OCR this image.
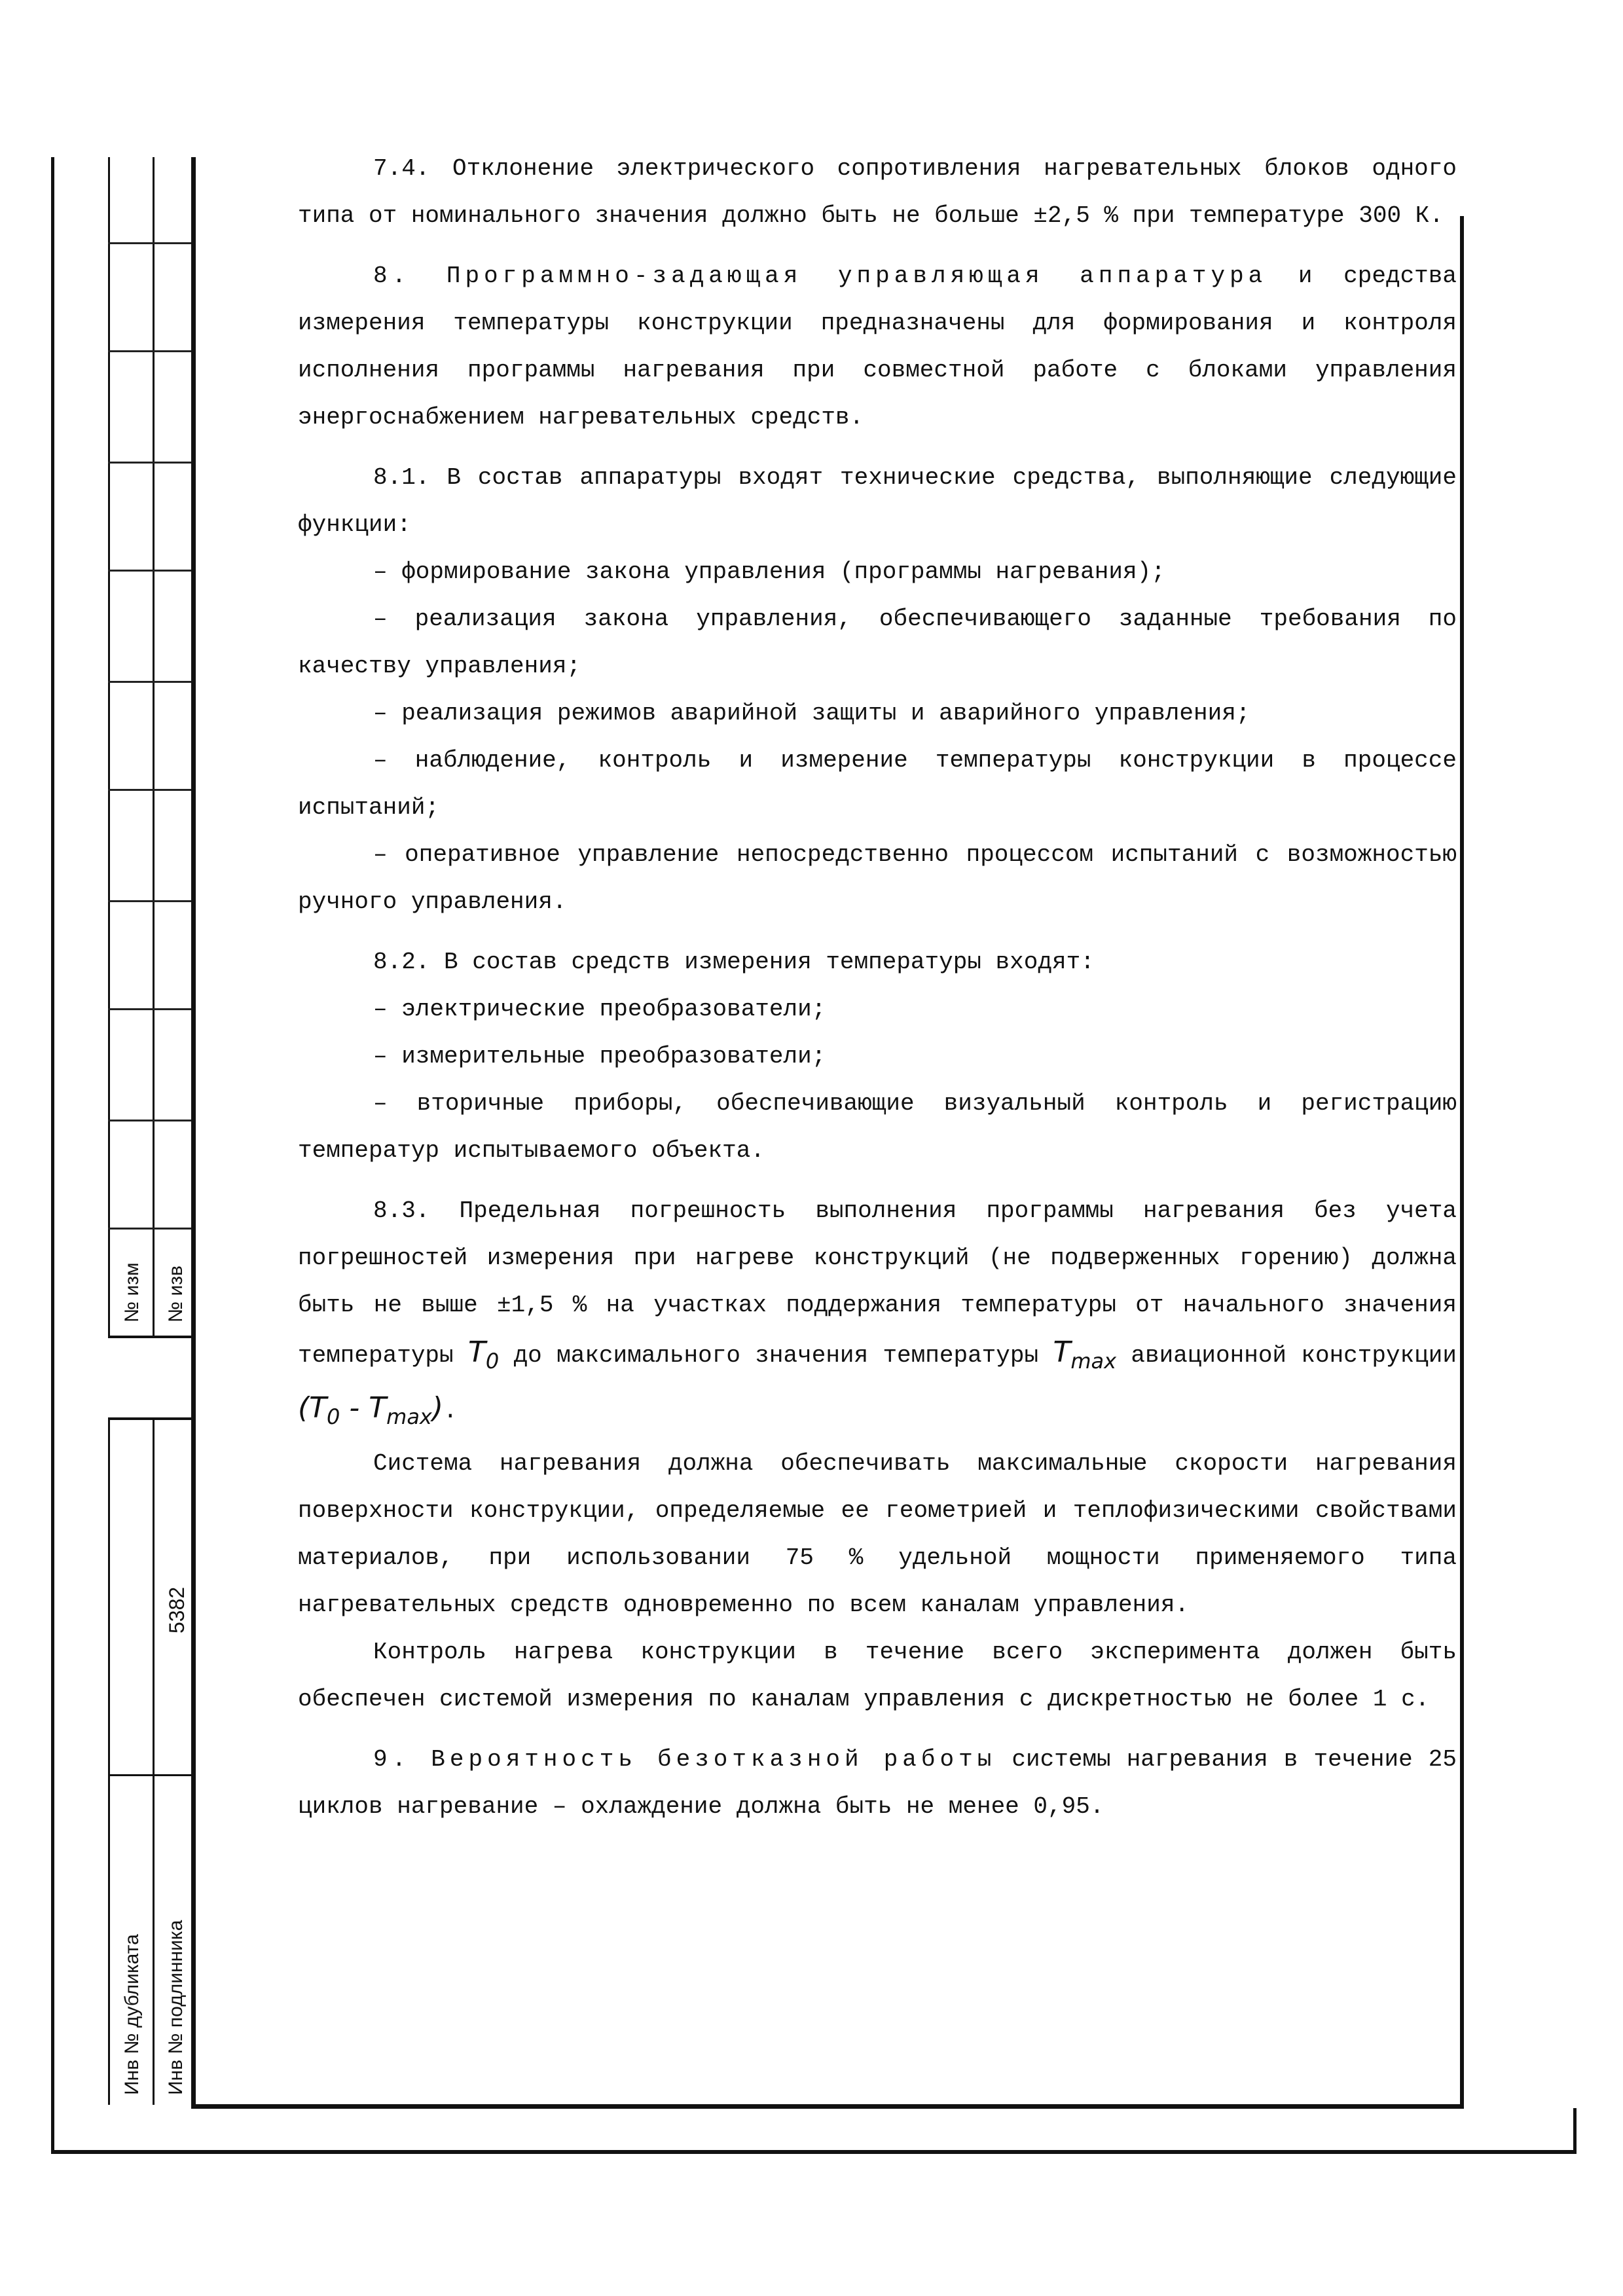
№ изм № изв
5382
Инв № дубликата Инв № подлинника

7.4. Отклонение электрического сопротивления нагревательных блоков одного типа от номинального значения должно быть не больше ±2,5 % при температуре 300 К.

8. Программно-задающая управляющая аппаратура и средства измерения температуры конструкции предназначены для формирования и контроля исполнения программы нагревания при совместной работе с блоками управления энергоснабжением нагревательных средств.

8.1. В состав аппаратуры входят технические средства, выполняющие следующие функции:

– формирование закона управления (программы нагревания);

– реализация закона управления, обеспечивающего заданные требования по качеству управления;

– реализация режимов аварийной защиты и аварийного управления;

– наблюдение, контроль и измерение температуры конструкции в процессе испытаний;

– оперативное управление непосредственно процессом испытаний с возможностью ручного управления.

8.2. В состав средств измерения температуры входят:

– электрические преобразователи;

– измерительные преобразователи;

– вторичные приборы, обеспечивающие визуальный контроль и регистрацию температур испытываемого объекта.

8.3. Предельная погрешность выполнения программы нагревания без учета погрешностей измерения при нагреве конструкций (не подверженных горению) должна быть не выше ±1,5 % на участках поддержания температуры от начального значения температуры $T_0$ до максимального значения температуры $T_{max}$ авиационной конструкции $(T_0 - T_{max})$.

Система нагревания должна обеспечивать максимальные скорости нагревания поверхности конструкции, определяемые ее геометрией и теплофизическими свойствами материалов, при использовании 75 % удельной мощности применяемого типа нагревательных средств одновременно по всем каналам управления.

Контроль нагрева конструкции в течение всего эксперимента должен быть обеспечен системой измерения по каналам управления с дискретностью не более 1 с.

9. Вероятность безотказной работы системы нагревания в течение 25 циклов нагревание – охлаждение должна быть не менее 0,95.
